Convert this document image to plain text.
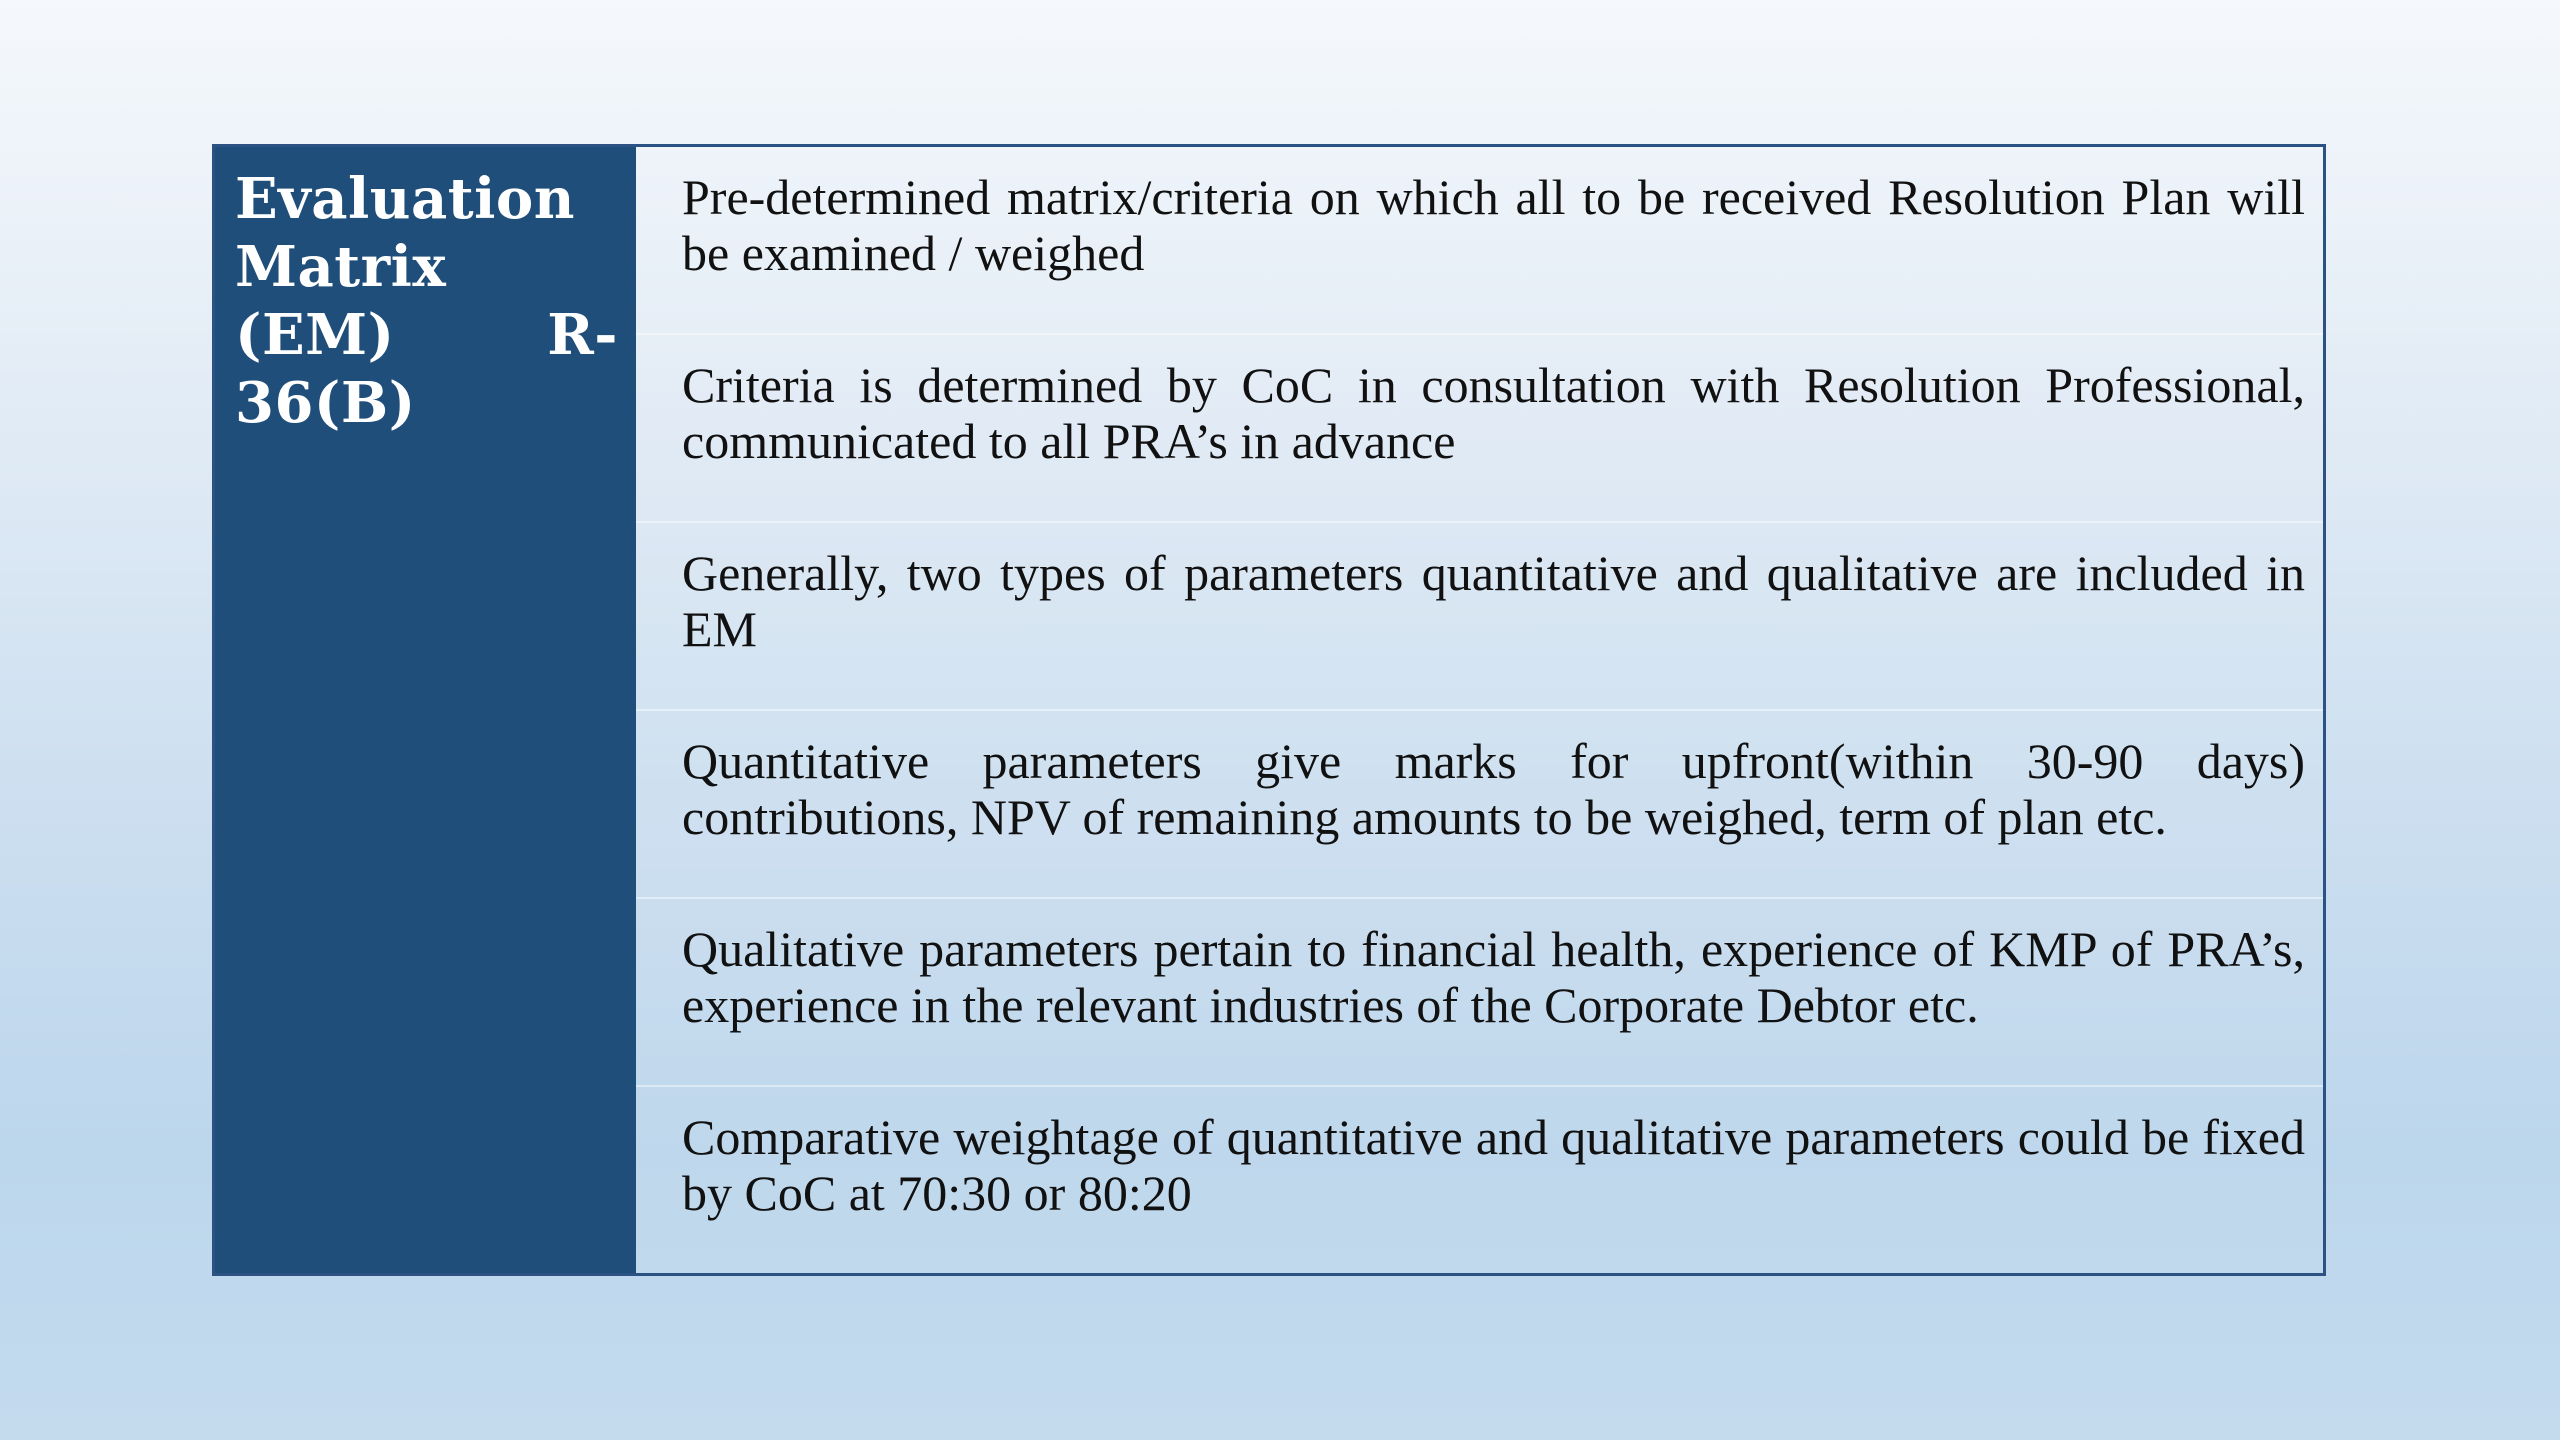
Evaluation Matrix (EM) R-36(B)

Pre-determined matrix/criteria on which all to be received Resolution Plan will be examined / weighed

Criteria is determined by CoC in consultation with Resolution Professional, communicated to all PRA’s in advance

Generally, two types of parameters quantitative and qualitative are included in EM

Quantitative parameters give marks for upfront(within 30-90 days) contributions, NPV of remaining amounts to be weighed, term of plan etc.

Qualitative parameters pertain to financial health, experience of KMP of PRA’s, experience in the relevant industries of the Corporate Debtor etc.

Comparative weightage of quantitative and qualitative parameters could be fixed by CoC at 70:30 or 80:20
